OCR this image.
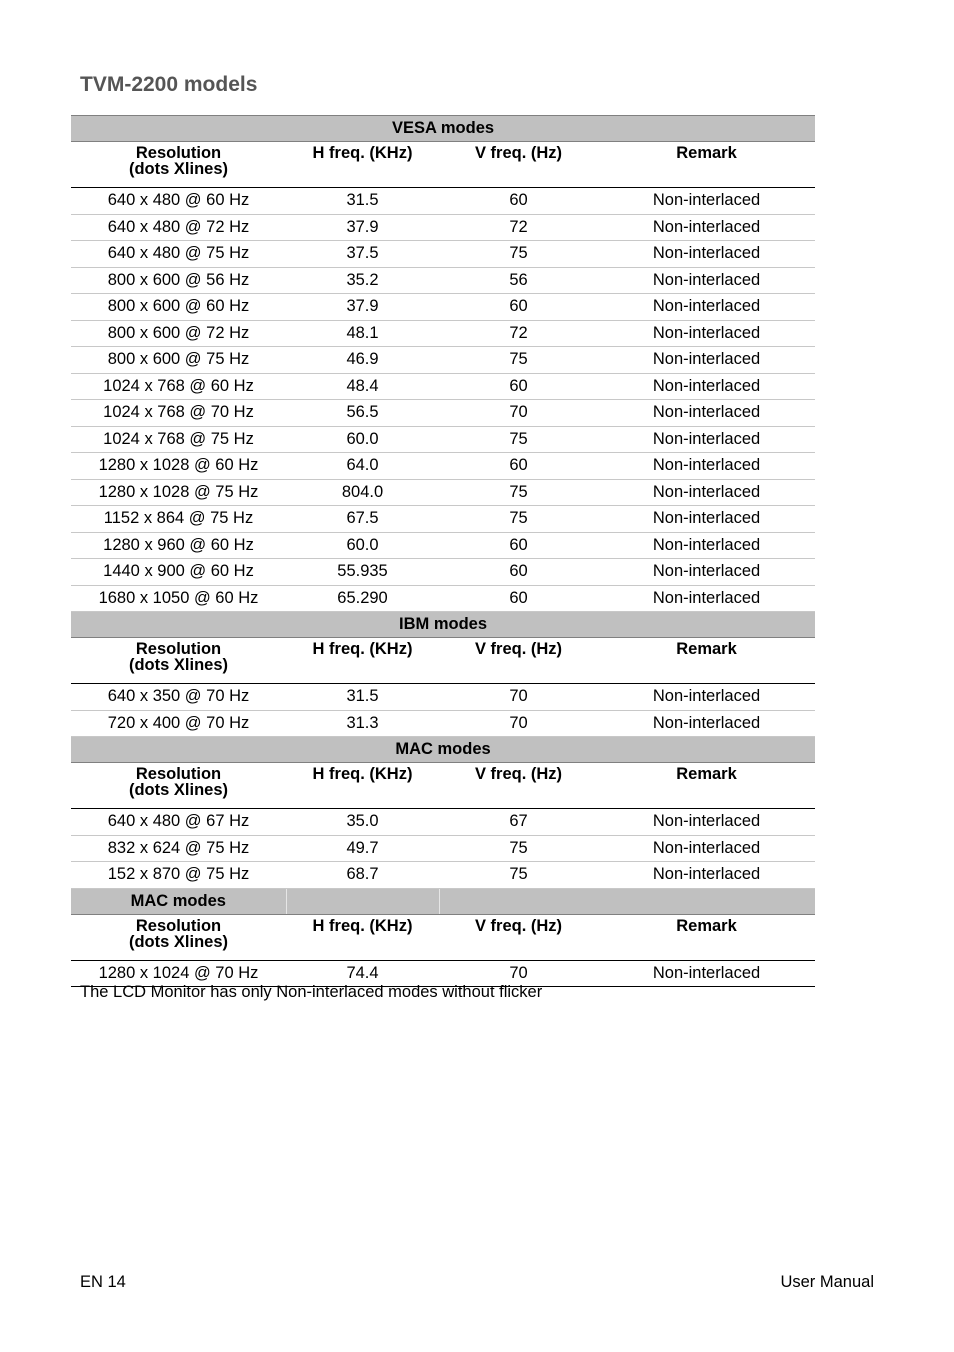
TVM-2200 models
VESA modes			

Resolution
(dots Xlines)	H freq. (KHz)	V freq. (Hz)	Remark
640 x 480 @ 60 Hz	31.5	60	Non-interlaced
640 x 480 @ 72 Hz	37.9	72	Non-interlaced
640 x 480 @ 75 Hz	37.5	75	Non-interlaced
800 x 600 @ 56 Hz	35.2	56	Non-interlaced
800 x 600 @ 60 Hz	37.9	60	Non-interlaced
800 x 600 @ 72 Hz	48.1	72	Non-interlaced
800 x 600 @ 75 Hz	46.9	75	Non-interlaced
1024 x 768 @ 60 Hz	48.4	60	Non-interlaced
1024 x 768 @ 70 Hz	56.5	70	Non-interlaced
1024 x 768 @ 75 Hz	60.0	75	Non-interlaced
1280 x 1028 @ 60 Hz	64.0	60	Non-interlaced
1280 x 1028 @ 75 Hz	804.0	75	Non-interlaced
1152 x 864 @ 75 Hz	67.5	75	Non-interlaced
1280 x 960 @ 60 Hz	60.0	60	Non-interlaced
1440 x 900 @ 60 Hz	55.935	60	Non-interlaced
1680 x 1050 @ 60 Hz	65.290	60	Non-interlaced
IBM modes			

Resolution
(dots Xlines)	H freq. (KHz)	V freq. (Hz)	Remark
640 x 350 @ 70 Hz	31.5	70	Non-interlaced
720 x 400 @ 70 Hz	31.3	70	Non-interlaced
MAC modes			

Resolution
(dots Xlines)	H freq. (KHz)	V freq. (Hz)	Remark
640 x 480 @ 67 Hz	35.0	67	Non-interlaced
832 x 624 @ 75 Hz	49.7	75	Non-interlaced
152 x 870 @ 75 Hz	68.7	75	Non-interlaced
MAC modes			

Resolution
(dots Xlines)	H freq. (KHz)	V freq. (Hz)	Remark
1280 x 1024 @ 70 Hz	74.4	70	Non-interlaced

The LCD Monitor has only Non-interlaced modes without flicker

EN 14	User Manual
